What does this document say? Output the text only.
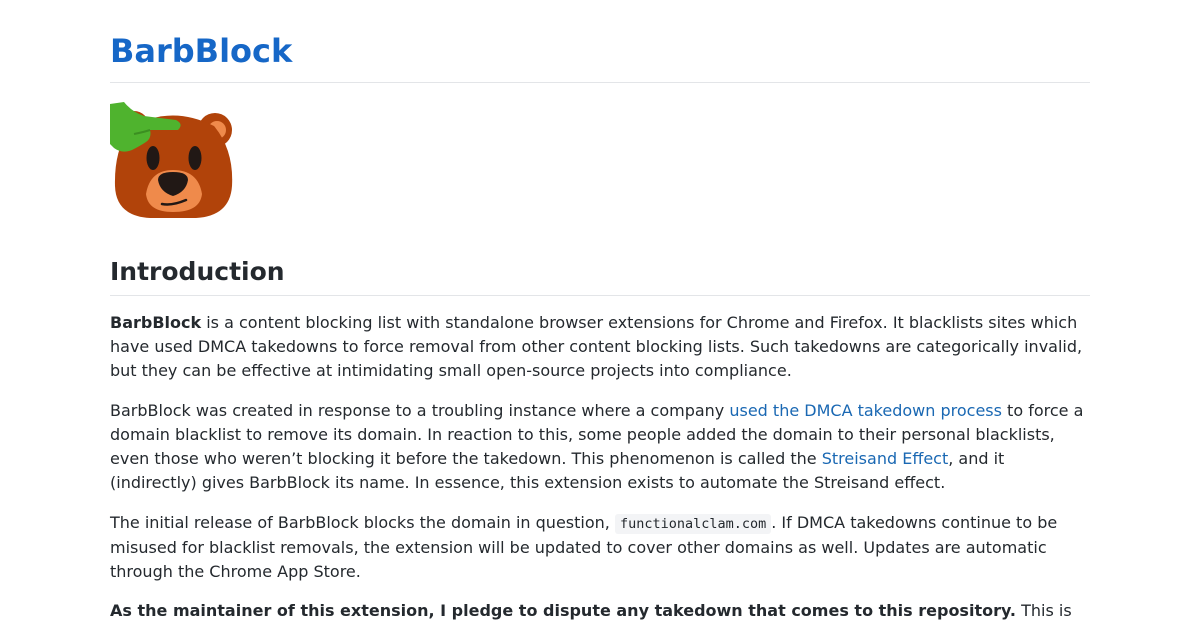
BarbBlock
Introduction

BarbBlock is a content blocking list with standalone browser extensions for Chrome and Firefox. It blacklists sites which have used DMCA takedowns to force removal from other content blocking lists. Such takedowns are categorically invalid, but they can be effective at intimidating small open-source projects into compliance.

BarbBlock was created in response to a troubling instance where a company used the DMCA takedown process to force a domain blacklist to remove its domain. In reaction to this, some people added the domain to their personal blacklists, even those who weren’t blocking it before the takedown. This phenomenon is called the Streisand Effect, and it (indirectly) gives BarbBlock its name. In essence, this extension exists to automate the Streisand effect.

The initial release of BarbBlock blocks the domain in question, functionalclam.com . If DMCA takedowns continue to be misused for blacklist removals, the extension will be updated to cover other domains as well. Updates are automatic through the Chrome App Store.

As the maintainer of this extension, I pledge to dispute any takedown that comes to this repository. This is
